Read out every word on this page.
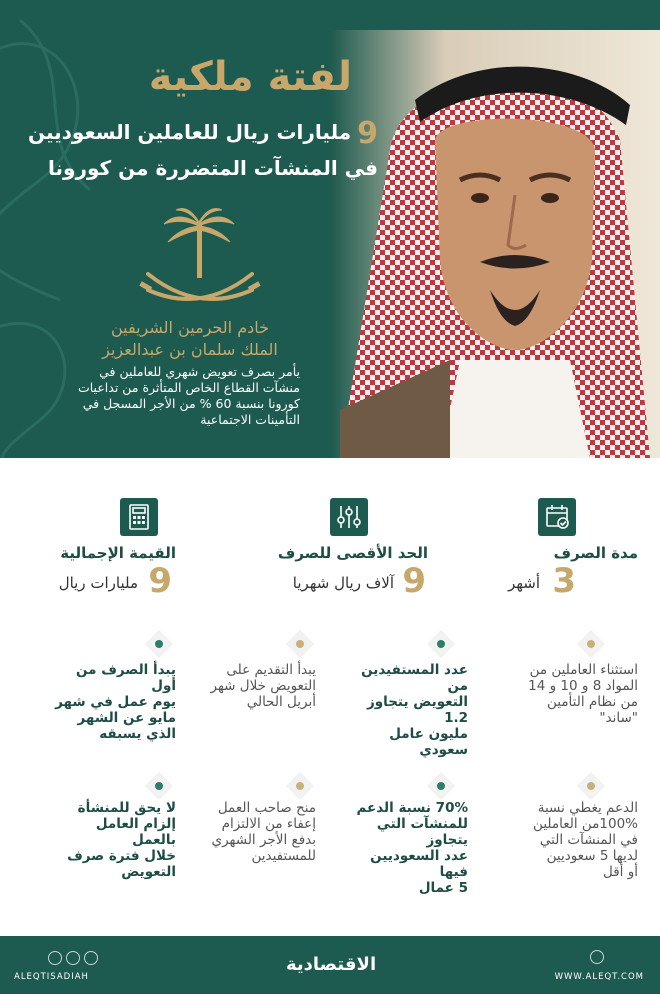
لفتة ملكية
9مليارات ريال للعاملين السعوديين
في المنشآت المتضررة من كورونا
خادم الحرمين الشريفين
الملك سلمان بن عبدالعزيز
يأمر بصرف تعويض شهري للعاملين في
منشآت القطاع الخاص المتأثرة من تداعيات
كورونا بنسبة 60 % من الأجر المسجل في
التأمينات الاجتماعية
مدة الصرف
3
أشهر
الحد الأقصى للصرف
9
آلاف ريال شهريا
القيمة الإجمالية
9
مليارات ريال
استثناء العاملين من
المواد 8 و 10 و 14
من نظام التأمين
"ساند"
عدد المستفيدين من
التعويض يتجاوز 1.2
مليون عامل سعودي
يبدأ التقديم على
التعويض خلال شهر
أبريل الحالي
يبدأ الصرف من أول
يوم عمل في شهر
مايو عن الشهر
الذي يسبقه
الدعم يغطي نسبة
100%من العاملين
في المنشآت التي
لديها 5 سعوديين
أو أقل
70% نسبة الدعم
للمنشآت التي يتجاوز
عدد السعوديين فيها
5 عمال
منح صاحب العمل
إعفاء من الالتزام
بدفع الأجر الشهري
للمستفيدين
لا يحق للمنشأة
إلزام العامل بالعمل
خلال فترة صرف
التعويض
ALEQTISADIAH
الاقتصادية
WWW.ALEQT.COM
